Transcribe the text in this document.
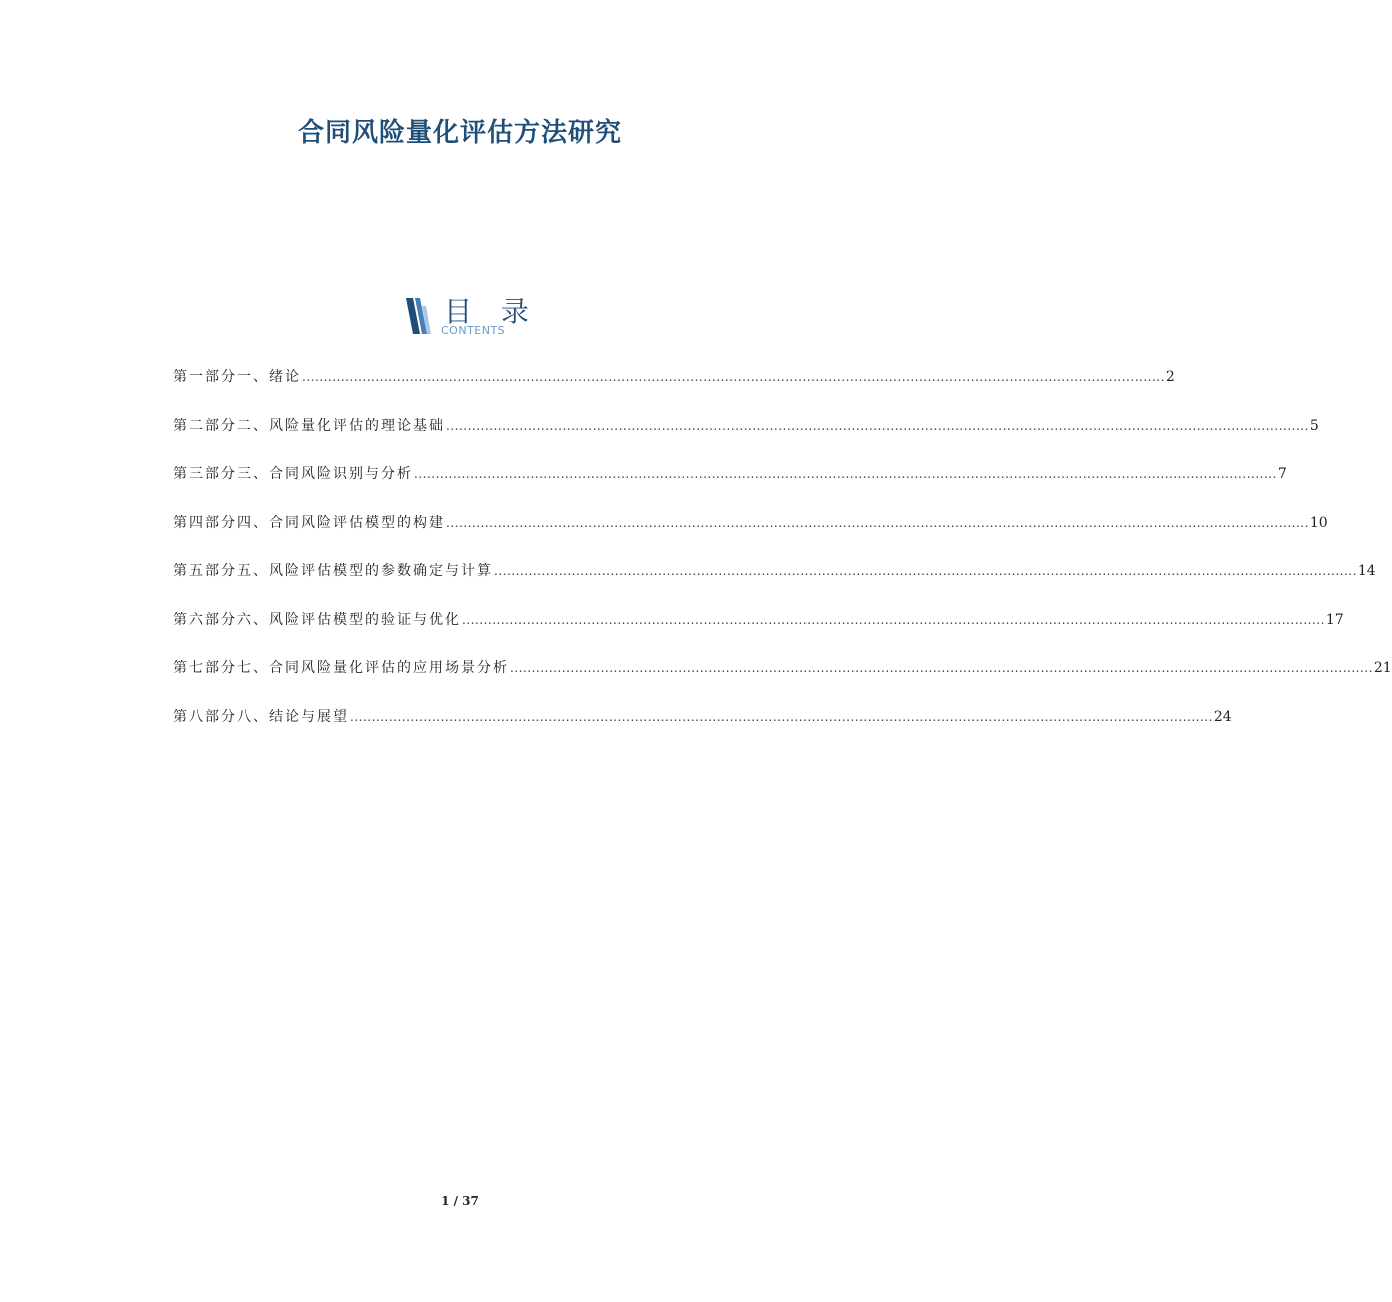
合同风险量化评估方法研究
目 录
CONTENTS
第一部分 一、绪论 ........................................................................................................................................................................................................ 2
第二部分 二、风险量化评估的理论基础 ........................................................................................................................................................................................................ 5
第三部分 三、合同风险识别与分析 ........................................................................................................................................................................................................ 7
第四部分 四、合同风险评估模型的构建 ........................................................................................................................................................................................................ 10
第五部分 五、风险评估模型的参数确定与计算 ........................................................................................................................................................................................................ 14
第六部分 六、风险评估模型的验证与优化 ........................................................................................................................................................................................................ 17
第七部分 七、合同风险量化评估的应用场景分析 ........................................................................................................................................................................................................ 21
第八部分 八、结论与展望 ........................................................................................................................................................................................................ 24
1 / 37
